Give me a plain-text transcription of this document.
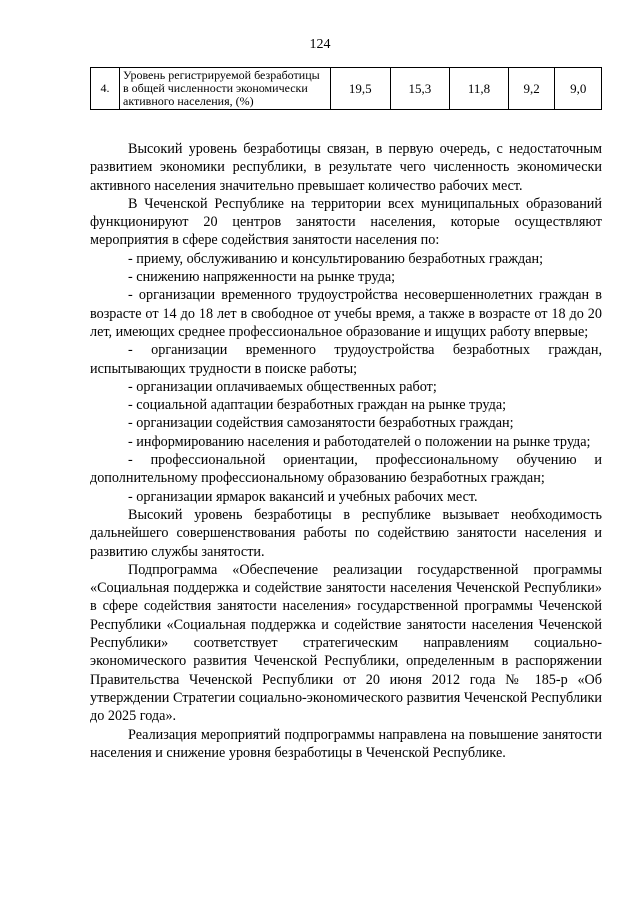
124
4.	Уровень регистрируемой безработицы в общей численности экономически активного населения, (%)	19,5	15,3	11,8	9,2	9,0

Высокий уровень безработицы связан, в первую очередь, с недостаточным развитием экономики республики, в результате чего численность экономически активного населения значительно превышает количество рабочих мест.

В Чеченской Республике на территории всех муниципальных образований функционируют 20 центров занятости населения, которые осуществляют мероприятия в сфере содействия занятости населения по:

- приему, обслуживанию и консультированию безработных граждан;

- снижению напряженности на рынке труда;

- организации временного трудоустройства несовершеннолетних граждан в возрасте от 14 до 18 лет в свободное от учебы время, а также в возрасте от 18 до 20 лет, имеющих среднее профессиональное образование и ищущих работу впервые;

- организации временного трудоустройства безработных граждан, испытывающих трудности в поиске работы;

- организации оплачиваемых общественных работ;

- социальной адаптации безработных граждан на рынке труда;

- организации содействия самозанятости безработных граждан;

- информированию населения и работодателей о положении на рынке труда;

- профессиональной ориентации, профессиональному обучению и дополнительному профессиональному образованию безработных граждан;

- организации ярмарок вакансий и учебных рабочих мест.

Высокий уровень безработицы в республике вызывает необходимость дальнейшего совершенствования работы по содействию занятости населения и развитию службы занятости.

Подпрограмма «Обеспечение реализации государственной программы «Социальная поддержка и содействие занятости населения Чеченской Республики» в сфере содействия занятости населения» государственной программы Чеченской Республики «Социальная поддержка и содействие занятости населения Чеченской Республики» соответствует стратегическим направлениям социально-экономического развития Чеченской Республики, определенным в распоряжении Правительства Чеченской Республики от 20 июня 2012 года № 185-р «Об утверждении Стратегии социально-экономического развития Чеченской Республики до 2025 года».

Реализация мероприятий подпрограммы направлена на повышение занятости населения и снижение уровня безработицы в Чеченской Республике.
